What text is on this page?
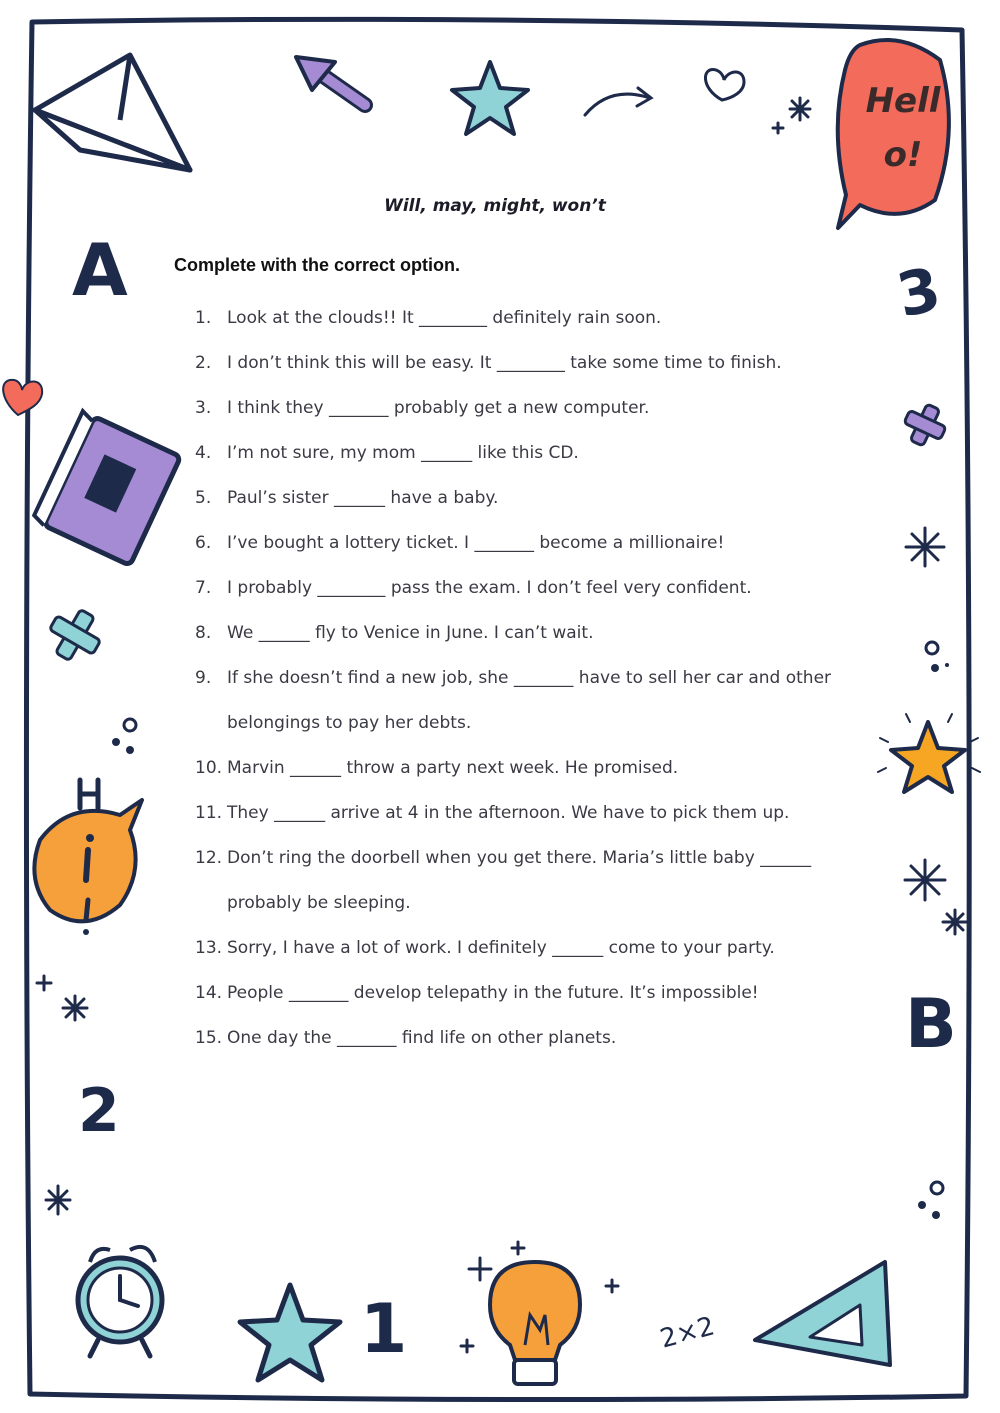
Hell o!
A	3
B
2
1	2×2
Will, may, might, won’t
Complete with the correct option.
1. Look at the clouds!! It ________ definitely rain soon.
2. I don’t think this will be easy. It ________ take some time to finish.
3. I think they _______ probably get a new computer.
4. I’m not sure, my mom ______ like this CD.
5. Paul’s sister ______ have a baby.
6. I’ve bought a lottery ticket. I _______ become a millionaire!
7. I probably ________ pass the exam. I don’t feel very confident.
8. We ______ fly to Venice in June. I can’t wait.
9. If she doesn’t find a new job, she _______ have to sell her car and other belongings to pay her debts.
10. Marvin ______ throw a party next week. He promised.
11. They ______ arrive at 4 in the afternoon. We have to pick them up.
12. Don’t ring the doorbell when you get there. Maria’s little baby ______ probably be sleeping.
13. Sorry, I have a lot of work. I definitely ______ come to your party.
14. People _______ develop telepathy in the future. It’s impossible!
15. One day the _______ find life on other planets.
